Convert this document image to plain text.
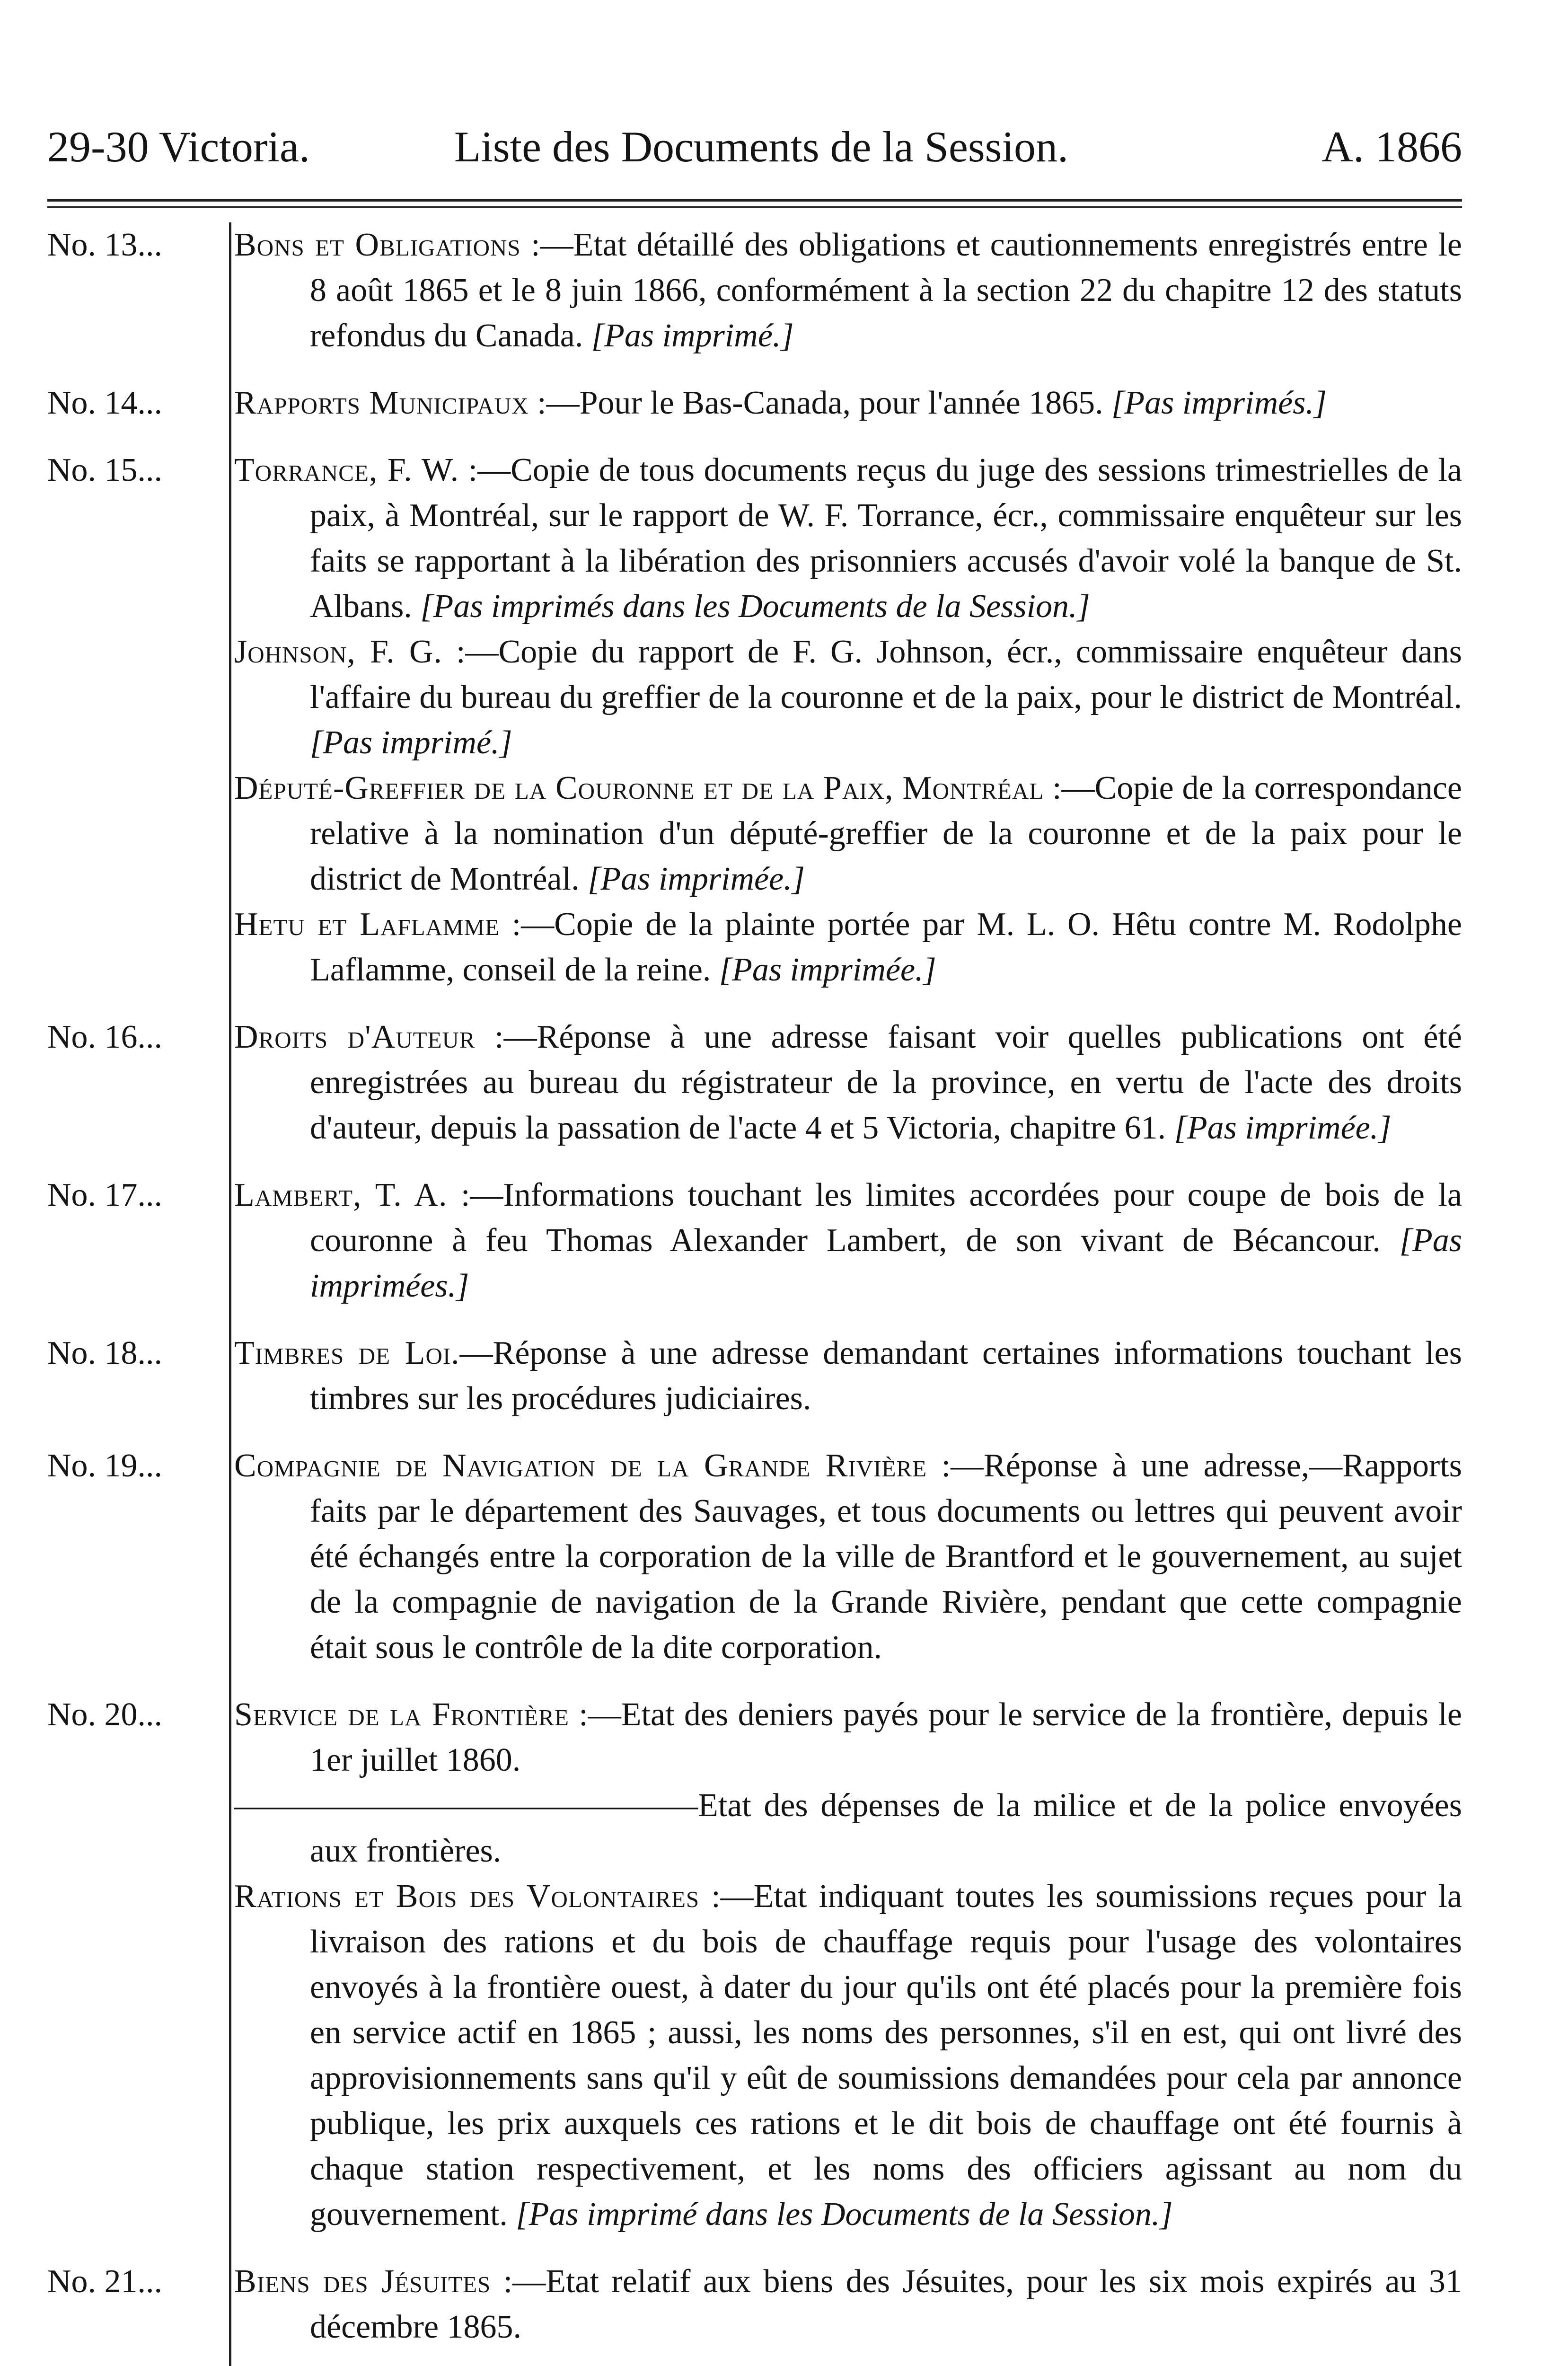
29-30 Victoria.	Liste des Documents de la Session.	A. 1866
No. 13...	Bons et Obligations :—Etat détaillé des obligations et cautionnements enregistrés entre le 8 août 1865 et le 8 juin 1866, conformément à la section 22 du chapitre 12 des statuts refondus du Canada. [Pas imprimé.]

No. 14...	Rapports Municipaux :—Pour le Bas-Canada, pour l'année 1865. [Pas imprimés.]

No. 15...	Torrance, F. W. :—Copie de tous documents reçus du juge des sessions trimestrielles de la paix, à Montréal, sur le rapport de W. F. Torrance, écr., commissaire enquêteur sur les faits se rapportant à la libération des prisonniers accusés d'avoir volé la banque de St. Albans. [Pas imprimés dans les Documents de la Session.]

Johnson, F. G. :—Copie du rapport de F. G. Johnson, écr., commissaire enquêteur dans l'affaire du bureau du greffier de la couronne et de la paix, pour le district de Montréal. [Pas imprimé.]

Député-Greffier de la Couronne et de la Paix, Montréal :—Copie de la correspondance relative à la nomination d'un député-greffier de la couronne et de la paix pour le district de Montréal. [Pas imprimée.]

Hetu et Laflamme :—Copie de la plainte portée par M. L. O. Hêtu contre M. Rodolphe Laflamme, conseil de la reine. [Pas imprimée.]

No. 16...	Droits d'Auteur :—Réponse à une adresse faisant voir quelles publications ont été enregistrées au bureau du régistrateur de la province, en vertu de l'acte des droits d'auteur, depuis la passation de l'acte 4 et 5 Victoria, chapitre 61. [Pas imprimée.]

No. 17...	Lambert, T. A. :—Informations touchant les limites accordées pour coupe de bois de la couronne à feu Thomas Alexander Lambert, de son vivant de Bécancour. [Pas imprimées.]

No. 18...	Timbres de Loi.—Réponse à une adresse demandant certaines informations touchant les timbres sur les procédures judiciaires.

No. 19...	Compagnie de Navigation de la Grande Rivière :—Réponse à une adresse,—Rapports faits par le département des Sauvages, et tous documents ou lettres qui peuvent avoir été échangés entre la corporation de la ville de Brantford et le gouvernement, au sujet de la compagnie de navigation de la Grande Rivière, pendant que cette compagnie était sous le contrôle de la dite corporation.

No. 20...	Service de la Frontière :—Etat des deniers payés pour le service de la frontière, depuis le 1er juillet 1860.

——————————————Etat des dépenses de la milice et de la police envoyées aux frontières.

Rations et Bois des Volontaires :—Etat indiquant toutes les soumissions reçues pour la livraison des rations et du bois de chauffage requis pour l'usage des volontaires envoyés à la frontière ouest, à dater du jour qu'ils ont été placés pour la première fois en service actif en 1865 ; aussi, les noms des personnes, s'il en est, qui ont livré des approvisionnements sans qu'il y eût de soumissions demandées pour cela par annonce publique, les prix auxquels ces rations et le dit bois de chauffage ont été fournis à chaque station respectivement, et les noms des officiers agissant au nom du gouvernement. [Pas imprimé dans les Documents de la Session.]

No. 21...	Biens des Jésuites :—Etat relatif aux biens des Jésuites, pour les six mois expirés au 31 décembre 1865.
